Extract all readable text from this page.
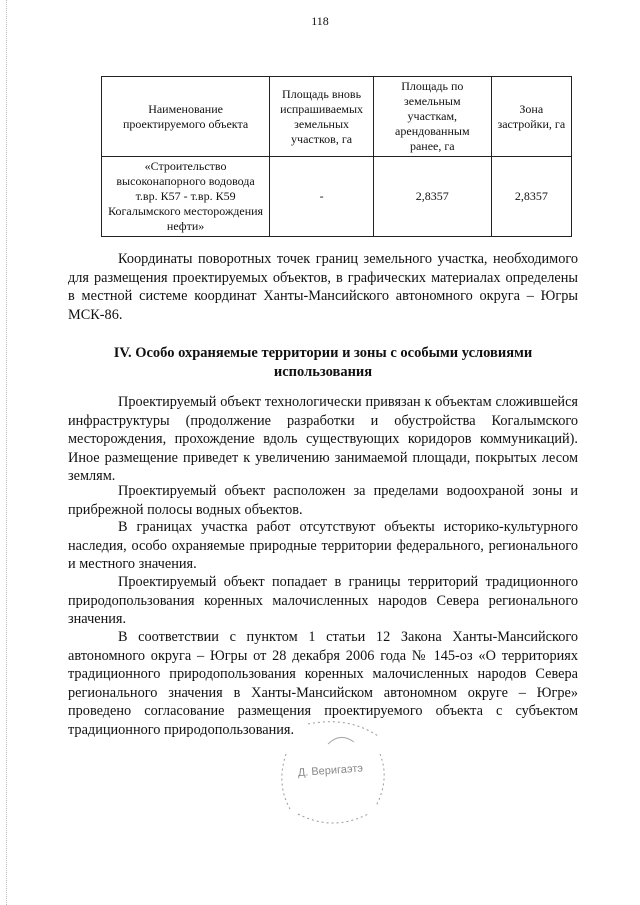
118
Наименование проектируемого объекта	Площадь вновь испрашиваемых земельных участков, га	Площадь по земельным участкам, арендованным ранее, га	Зона застройки, га
«Строительство высоконапорного водовода т.вр. К57 - т.вр. К59 Когалымского месторождения нефти»	-	2,8357	2,8357

Координаты поворотных точек границ земельного участка, необходимого для размещения проектируемых объектов, в графических материалах определены в местной системе координат Ханты-Мансийского автономного округа – Югры МСК-86.

IV. Особо охраняемые территории и зоны с особыми условиями
использования

Проектируемый объект технологически привязан к объектам сложившейся инфраструктуры (продолжение разработки и обустройства Когалымского месторождения, прохождение вдоль существующих коридоров коммуникаций). Иное размещение приведет к увеличению занимаемой площади, покрытых лесом землям.

Проектируемый объект расположен за пределами водоохраной зоны и прибрежной полосы водных объектов.

В границах участка работ отсутствуют объекты историко-культурного наследия, особо охраняемые природные территории федерального, регионального и местного значения.

Проектируемый объект попадает в границы территорий традиционного природопользования коренных малочисленных народов Севера регионального значения.

В соответствии с пунктом 1 статьи 12 Закона Ханты-Мансийского автономного округа – Югры от 28 декабря 2006 года № 145-оз «О территориях традиционного природопользования коренных малочисленных народов Севера регионального значения в Ханты-Мансийском автономном округе – Югре» проведено согласование размещения проектируемого объекта с субъектом традиционного природопользования.

Д. Веригаэтэ
